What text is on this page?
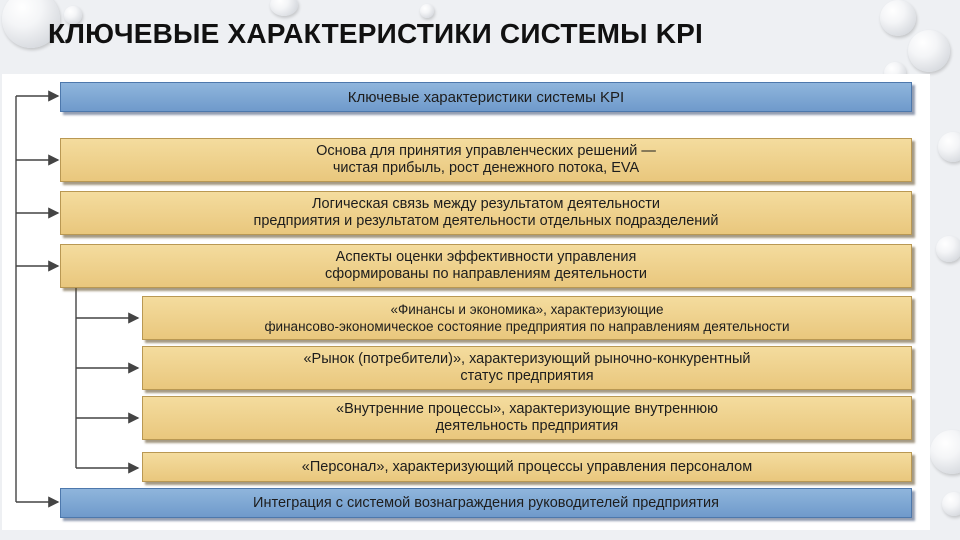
КЛЮЧЕВЫЕ ХАРАКТЕРИСТИКИ СИСТЕМЫ KPI
Ключевые характеристики системы KPI
Основа для принятия управленческих решений —
чистая прибыль, рост денежного потока, EVA
Логическая связь между результатом деятельности
предприятия и результатом деятельности отдельных подразделений
Аспекты оценки эффективности управления
сформированы по направлениям деятельности
«Финансы и экономика», характеризующие
финансово-экономическое состояние предприятия по направлениям деятельности
«Рынок (потребители)», характеризующий рыночно-конкурентный
статус предприятия
«Внутренние процессы», характеризующие внутреннюю
деятельность предприятия
«Персонал», характеризующий процессы управления персоналом
Интеграция с системой вознаграждения руководителей предприятия
